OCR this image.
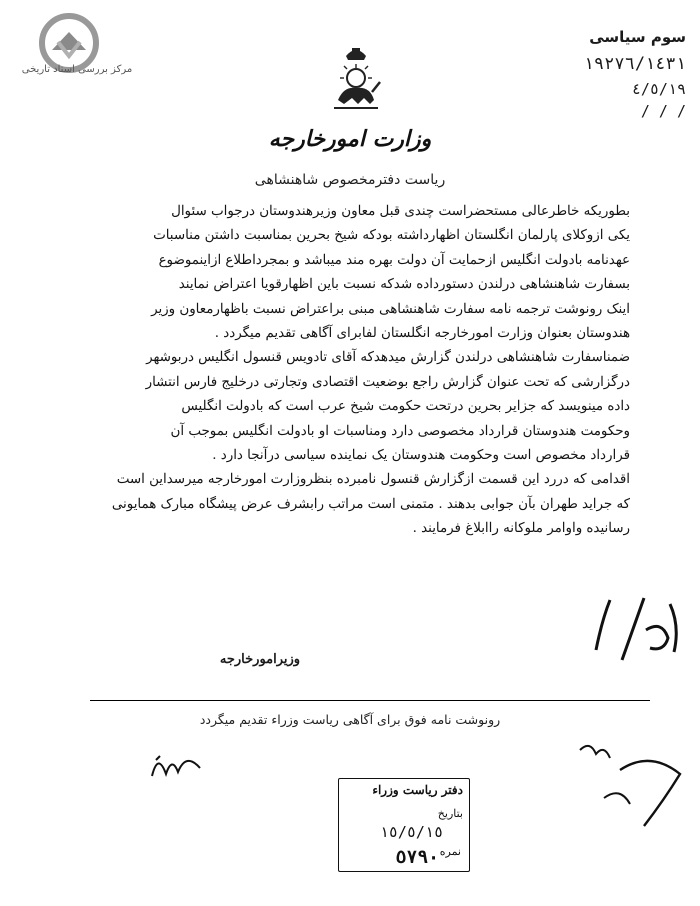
مرکز بررسی اسناد تاریخی
وزارت امورخارجه
ریاست دفترمخصوص شاهنشاهی
سوم سیاسی
١٩٢٧٦/١٤٣١
٤/٥/١٩
/ / /
بطوریکه خاطرعالی مستحضراست چندی قبل معاون وزیرهندوستان درجواب سئوال
یکی ازوکلای پارلمان انگلستان اظهارداشته بودکه شیخ بحرین بمناسبت داشتن مناسبات
عهدنامه بادولت انگلیس ازحمایت آن دولت بهره مند میباشد و بمجرداطلاع ازاینموضوع
بسفارت شاهنشاهی درلندن دستورداده شدکه نسبت باین اظهارقویا اعتراض نمایند
اینک رونوشت ترجمه نامه سفارت شاهنشاهی مبنی براعتراض نسبت باظهارمعاون وزیر
هندوستان بعنوان وزارت امورخارجه انگلستان لفابرای آگاهی تقدیم میگردد .
ضمناسفارت شاهنشاهی درلندن گزارش میدهدکه آقای تادویس قنسول انگلیس دربوشهر
درگزارشی که تحت عنوان گزارش راجع بوضعیت اقتصادی وتجارتی درخلیج فارس انتشار
داده مینویسد که جزایر بحرین درتحت حکومت شیخ عرب است که بادولت انگلیس
وحکومت هندوستان قرارداد مخصوصی دارد ومناسبات او بادولت انگلیس بموجب آن
قرارداد مخصوص است وحکومت هندوستان یک نماینده سیاسی درآنجا دارد .
اقدامی که دررد این قسمت ازگزارش قنسول نامبرده بنظروزارت امورخارجه میرسداین است
که جراید طهران بآن جوابی بدهند . متمنی است مراتب رابشرف عرض پیشگاه مبارک همایونی
رسانیده واوامر ملوکانه راابلاغ فرمایند .
وزیرامورخارجه
رونوشت نامه فوق برای آگاهی ریاست وزراء تقدیم میگردد
دفتر ریاست وزراء
بتاریخ
١٥/٥/١٥
نمره
٥٧٩٠
